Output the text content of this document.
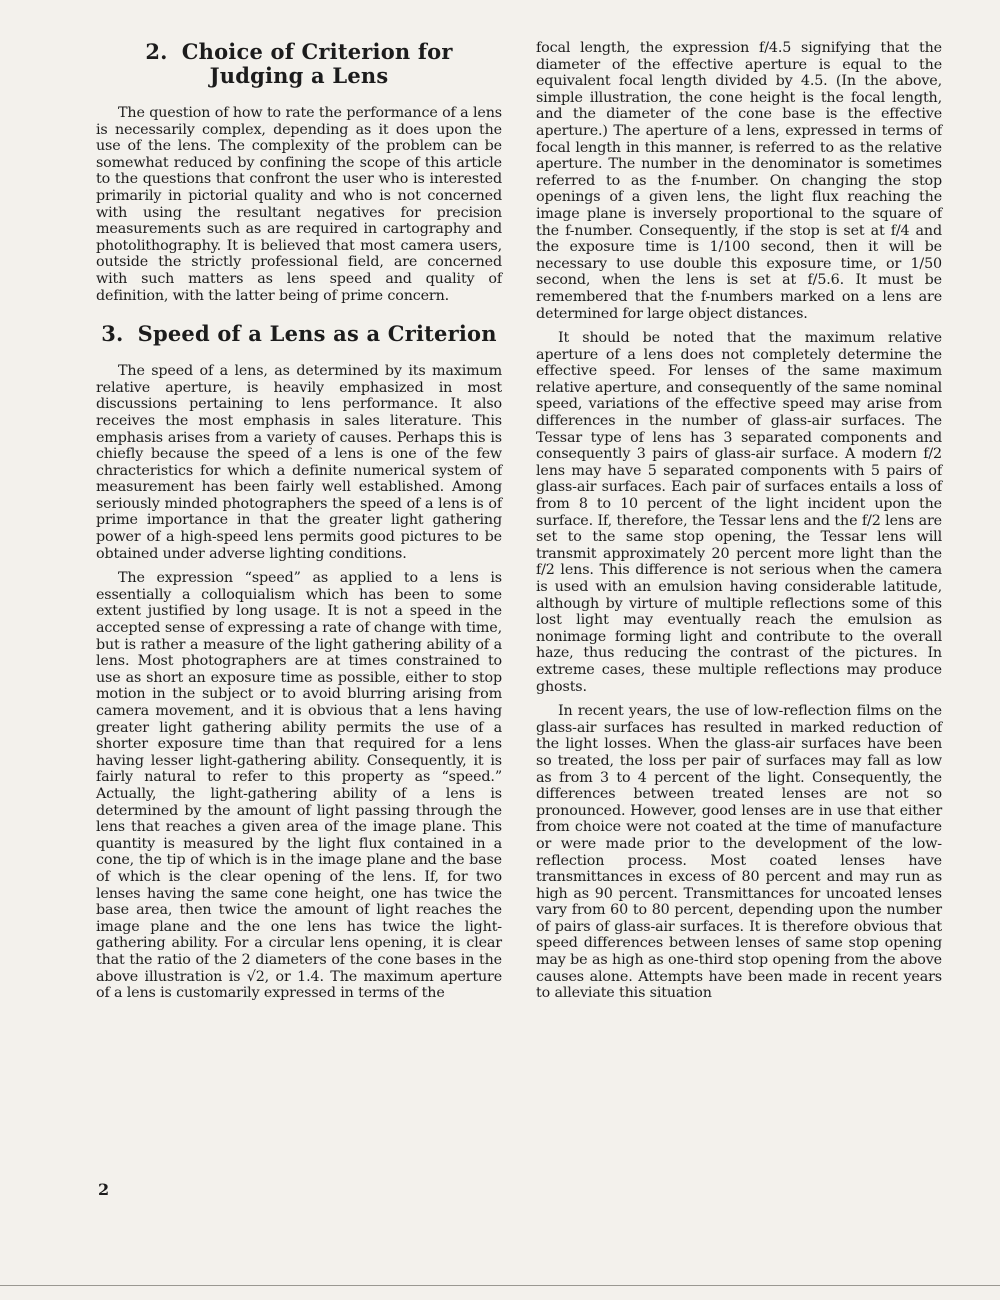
2. Choice of Criterion for Judging a Lens

The question of how to rate the performance of a lens is necessarily complex, depending as it does upon the use of the lens. The complexity of the problem can be somewhat reduced by confining the scope of this article to the questions that confront the user who is interested primarily in pictorial quality and who is not concerned with using the resultant negatives for precision measurements such as are required in cartography and photolithography. It is believed that most camera users, outside the strictly professional field, are concerned with such matters as lens speed and quality of definition, with the latter being of prime concern.

3. Speed of a Lens as a Criterion

The speed of a lens, as determined by its maximum relative aperture, is heavily emphasized in most discussions pertaining to lens performance. It also receives the most emphasis in sales literature. This emphasis arises from a variety of causes. Perhaps this is chiefly because the speed of a lens is one of the few chracteristics for which a definite numerical system of measurement has been fairly well established. Among seriously minded photographers the speed of a lens is of prime importance in that the greater light gathering power of a high-speed lens permits good pictures to be obtained under adverse lighting conditions.

The expression “speed” as applied to a lens is essentially a colloquialism which has been to some extent justified by long usage. It is not a speed in the accepted sense of expressing a rate of change with time, but is rather a measure of the light gathering ability of a lens. Most photographers are at times constrained to use as short an exposure time as possible, either to stop motion in the subject or to avoid blurring arising from camera movement, and it is obvious that a lens having greater light gathering ability permits the use of a shorter exposure time than that required for a lens having lesser light-gathering ability. Consequently, it is fairly natural to refer to this property as “speed.” Actually, the light-gathering ability of a lens is determined by the amount of light passing through the lens that reaches a given area of the image plane. This quantity is measured by the light flux contained in a cone, the tip of which is in the image plane and the base of which is the clear opening of the lens. If, for two lenses having the same cone height, one has twice the base area, then twice the amount of light reaches the image plane and the one lens has twice the light-gathering ability. For a circular lens opening, it is clear that the ratio of the 2 diameters of the cone bases in the above illustration is √2, or 1.4. The maximum aperture of a lens is customarily expressed in terms of the

focal length, the expression f/4.5 signifying that the diameter of the effective aperture is equal to the equivalent focal length divided by 4.5. (In the above, simple illustration, the cone height is the focal length, and the diameter of the cone base is the effective aperture.) The aperture of a lens, expressed in terms of focal length in this manner, is referred to as the relative aperture. The number in the denominator is sometimes referred to as the f-number. On changing the stop openings of a given lens, the light flux reaching the image plane is inversely proportional to the square of the f-number. Consequently, if the stop is set at f/4 and the exposure time is 1/100 second, then it will be necessary to use double this exposure time, or 1/50 second, when the lens is set at f/5.6. It must be remembered that the f-numbers marked on a lens are determined for large object distances.

It should be noted that the maximum relative aperture of a lens does not completely determine the effective speed. For lenses of the same maximum relative aperture, and consequently of the same nominal speed, variations of the effective speed may arise from differences in the number of glass-air surfaces. The Tessar type of lens has 3 separated components and consequently 3 pairs of glass-air surface. A modern f/2 lens may have 5 separated components with 5 pairs of glass-air surfaces. Each pair of surfaces entails a loss of from 8 to 10 percent of the light incident upon the surface. If, therefore, the Tessar lens and the f/2 lens are set to the same stop opening, the Tessar lens will transmit approximately 20 percent more light than the f/2 lens. This difference is not serious when the camera is used with an emulsion having considerable latitude, although by virture of multiple reflections some of this lost light may eventually reach the emulsion as nonimage forming light and contribute to the overall haze, thus reducing the contrast of the pictures. In extreme cases, these multiple reflections may produce ghosts.

In recent years, the use of low-reflection films on the glass-air surfaces has resulted in marked reduction of the light losses. When the glass-air surfaces have been so treated, the loss per pair of surfaces may fall as low as from 3 to 4 percent of the light. Consequently, the differences between treated lenses are not so pronounced. However, good lenses are in use that either from choice were not coated at the time of manufacture or were made prior to the development of the low-reflection process. Most coated lenses have transmittances in excess of 80 percent and may run as high as 90 percent. Transmittances for uncoated lenses vary from 60 to 80 percent, depending upon the number of pairs of glass-air surfaces. It is therefore obvious that speed differences between lenses of same stop opening may be as high as one-third stop opening from the above causes alone. Attempts have been made in recent years to alleviate this situation

2
